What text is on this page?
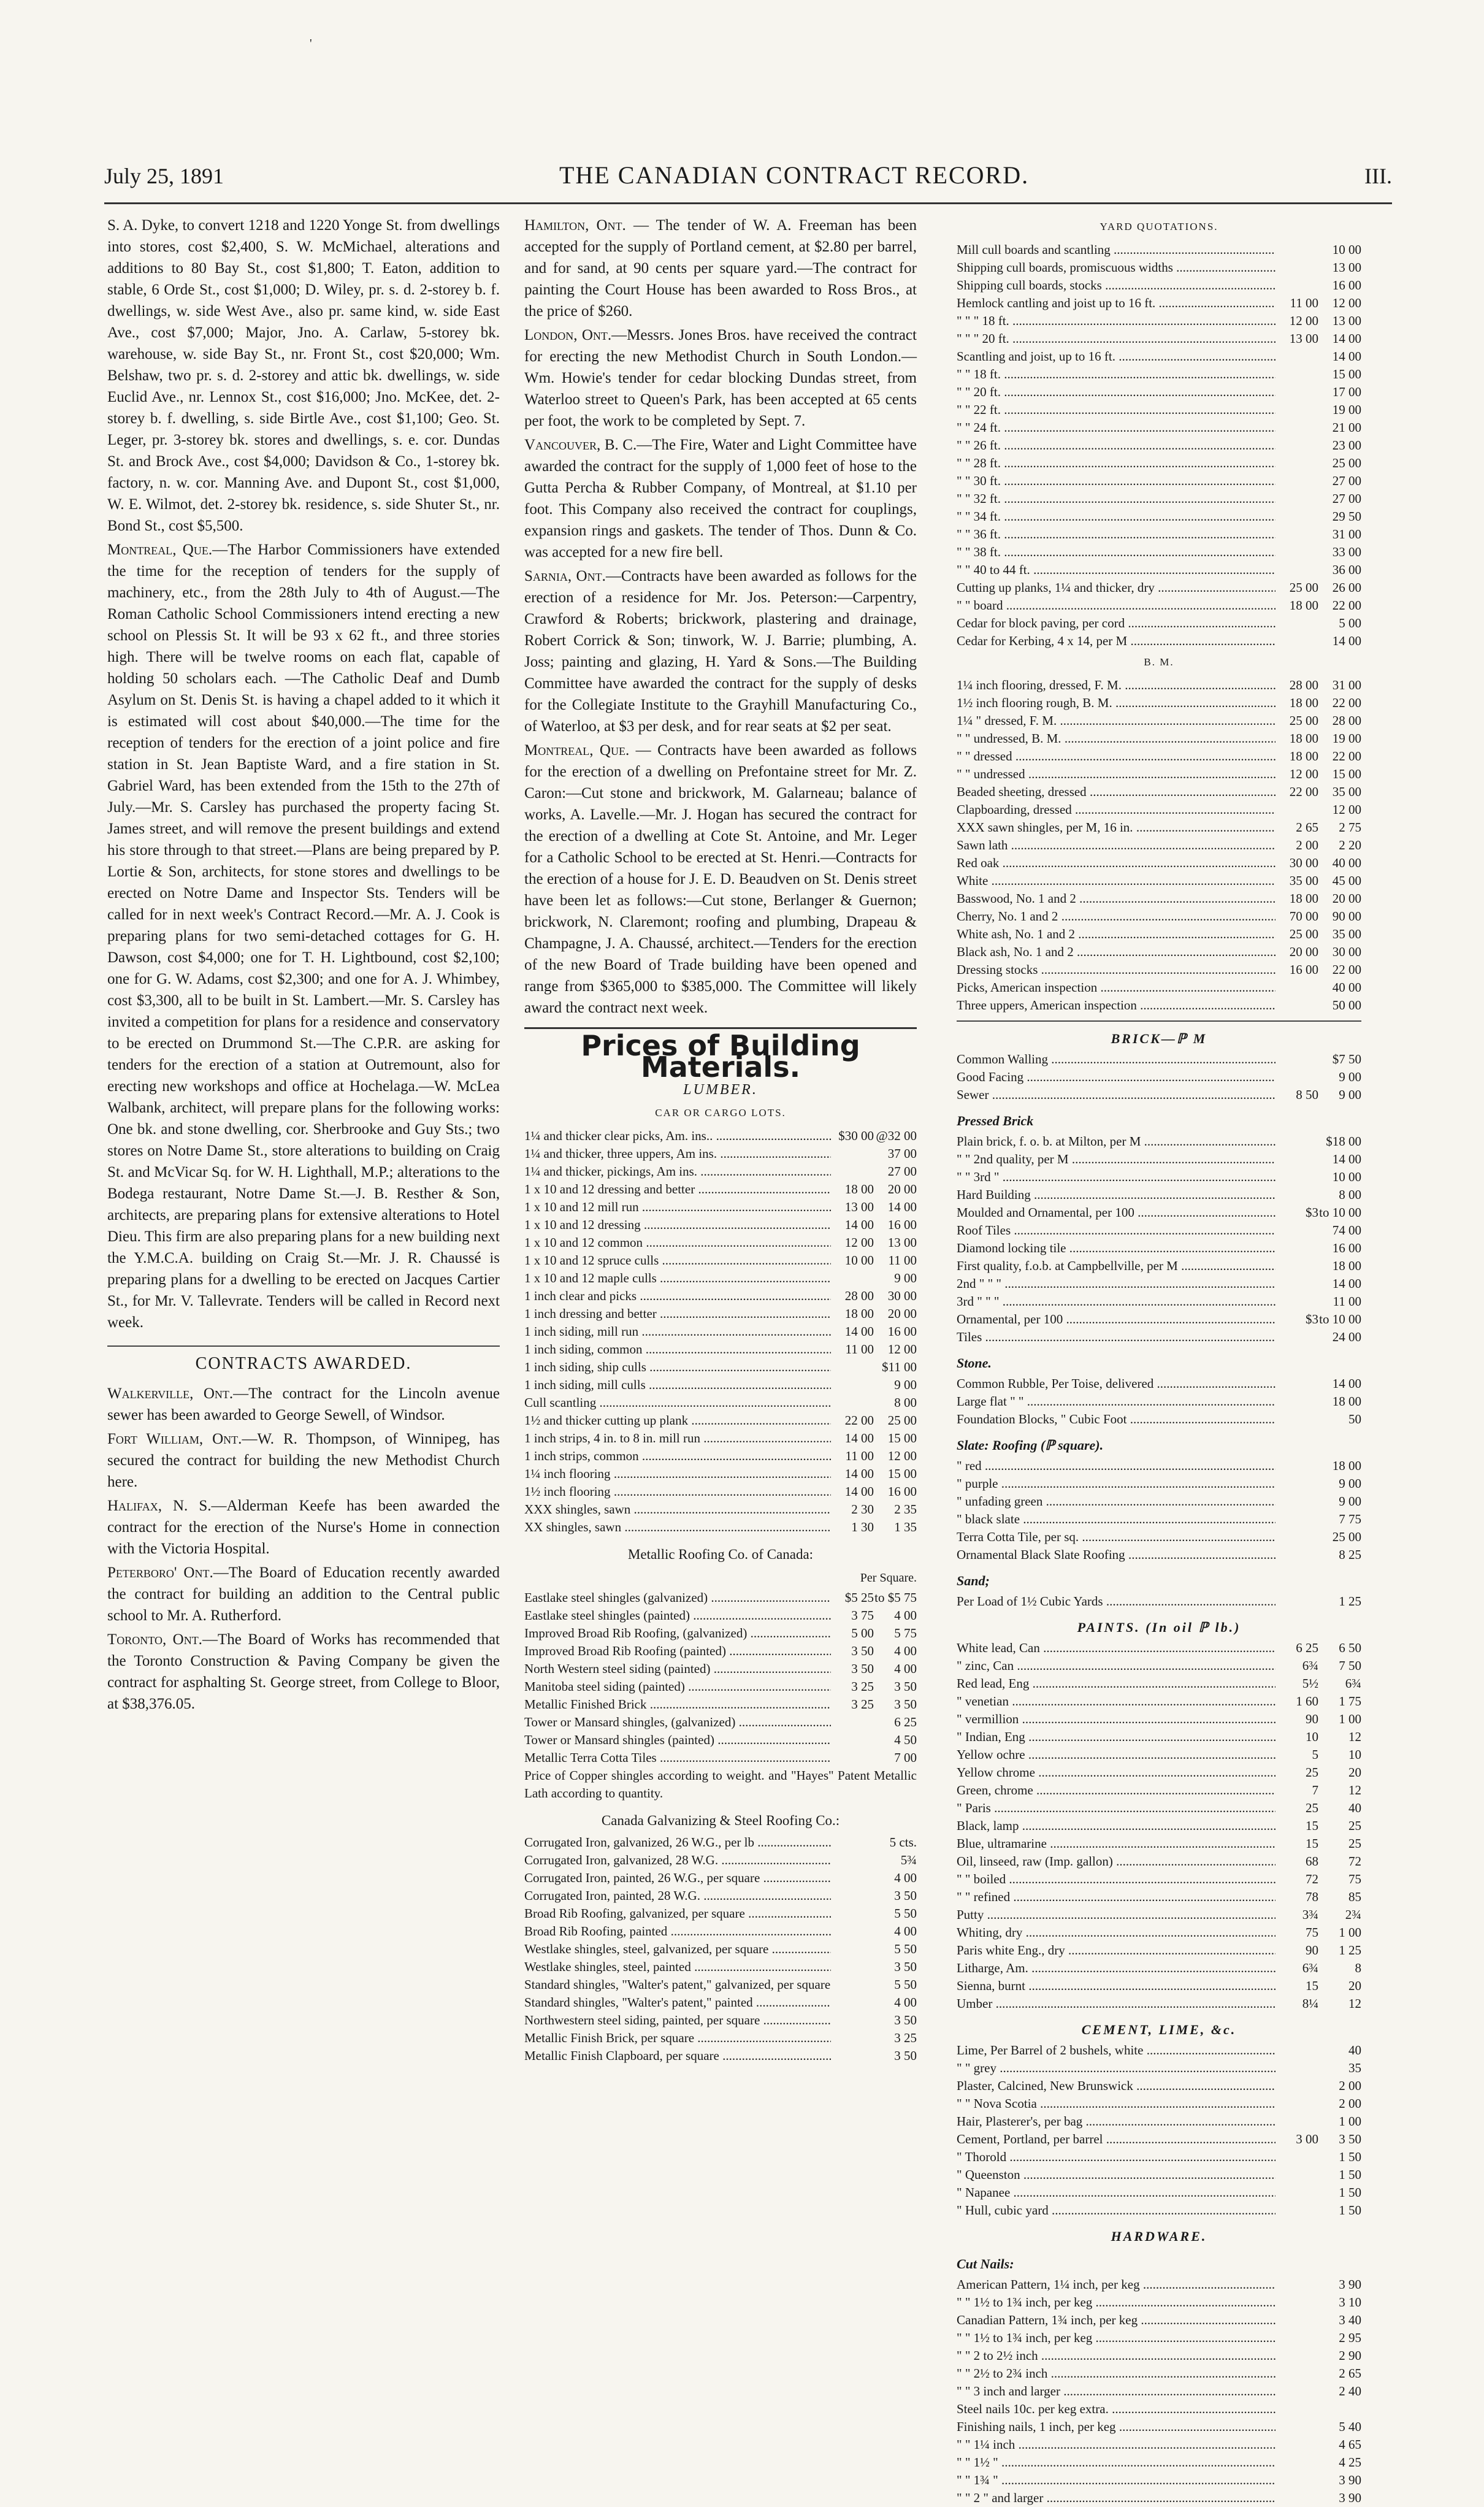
July 25, 1891	THE CANADIAN CONTRACT RECORD.	III.
S. A. Dyke, to convert 1218 and 1220 Yonge St. from dwellings into stores, cost $2,400, S. W. McMichael, alterations and additions to 80 Bay St., cost $1,800; T. Eaton, addition to stable, 6 Orde St., cost $1,000; D. Wiley, pr. s. d. 2-storey b. f. dwellings, w. side West Ave., also pr. same kind, w. side East Ave., cost $7,000; Major, Jno. A. Carlaw, 5-storey bk. warehouse, w. side Bay St., nr. Front St., cost $20,000; Wm. Belshaw, two pr. s. d. 2-storey and attic bk. dwellings, w. side Euclid Ave., nr. Lennox St., cost $16,000; Jno. McKee, det. 2-storey b. f. dwelling, s. side Birtle Ave., cost $1,100; Geo. St. Leger, pr. 3-storey bk. stores and dwellings, s. e. cor. Dundas St. and Brock Ave., cost $4,000; Davidson & Co., 1-storey bk. factory, n. w. cor. Manning Ave. and Dupont St., cost $1,000, W. E. Wilmot, det. 2-storey bk. residence, s. side Shuter St., nr. Bond St., cost $5,500.
Montreal, Que.—The Harbor Commissioners have extended the time for the reception of tenders for the supply of machinery, etc., from the 28th July to 4th of August.—The Roman Catholic School Commissioners intend erecting a new school on Plessis St. It will be 93 x 62 ft., and three stories high. There will be twelve rooms on each flat, capable of holding 50 scholars each. —The Catholic Deaf and Dumb Asylum on St. Denis St. is having a chapel added to it which it is estimated will cost about $40,000.—The time for the reception of tenders for the erection of a joint police and fire station in St. Jean Baptiste Ward, and a fire station in St. Gabriel Ward, has been extended from the 15th to the 27th of July.—Mr. S. Carsley has purchased the property facing St. James street, and will remove the present buildings and extend his store through to that street.—Plans are being prepared by P. Lortie & Son, architects, for stone stores and dwellings to be erected on Notre Dame and Inspector Sts. Tenders will be called for in next week's Contract Record.—Mr. A. J. Cook is preparing plans for two semi-detached cottages for G. H. Dawson, cost $4,000; one for T. H. Lightbound, cost $2,100; one for G. W. Adams, cost $2,300; and one for A. J. Whimbey, cost $3,300, all to be built in St. Lambert.—Mr. S. Carsley has invited a competition for plans for a residence and conservatory to be erected on Drummond St.—The C.P.R. are asking for tenders for the erection of a station at Outremount, also for erecting new workshops and office at Hochelaga.—W. McLea Walbank, architect, will prepare plans for the following works: One bk. and stone dwelling, cor. Sherbrooke and Guy Sts.; two stores on Notre Dame St., store alterations to building on Craig St. and McVicar Sq. for W. H. Lighthall, M.P.; alterations to the Bodega restaurant, Notre Dame St.—J. B. Resther & Son, architects, are preparing plans for extensive alterations to Hotel Dieu. This firm are also preparing plans for a new building next the Y.M.C.A. building on Craig St.—Mr. J. R. Chaussé is preparing plans for a dwelling to be erected on Jacques Cartier St., for Mr. V. Tallevrate. Tenders will be called in Record next week.
CONTRACTS AWARDED.
Walkerville, Ont.—The contract for the Lincoln avenue sewer has been awarded to George Sewell, of Windsor.
Fort William, Ont.—W. R. Thompson, of Winnipeg, has secured the contract for building the new Methodist Church here.
Halifax, N. S.—Alderman Keefe has been awarded the contract for the erection of the Nurse's Home in connection with the Victoria Hospital.
Peterboro' Ont.—The Board of Education recently awarded the contract for building an addition to the Central public school to Mr. A. Rutherford.
Toronto, Ont.—The Board of Works has recommended that the Toronto Construction & Paving Company be given the contract for asphalting St. George street, from College to Bloor, at $38,376.05.
Hamilton, Ont. — The tender of W. A. Freeman has been accepted for the supply of Portland cement, at $2.80 per barrel, and for sand, at 90 cents per square yard.—The contract for painting the Court House has been awarded to Ross Bros., at the price of $260.
London, Ont.—Messrs. Jones Bros. have received the contract for erecting the new Methodist Church in South London.—Wm. Howie's tender for cedar blocking Dundas street, from Waterloo street to Queen's Park, has been accepted at 65 cents per foot, the work to be completed by Sept. 7.
Vancouver, B. C.—The Fire, Water and Light Committee have awarded the contract for the supply of 1,000 feet of hose to the Gutta Percha & Rubber Company, of Montreal, at $1.10 per foot. This Company also received the contract for couplings, expansion rings and gaskets. The tender of Thos. Dunn & Co. was accepted for a new fire bell.
Sarnia, Ont.—Contracts have been awarded as follows for the erection of a residence for Mr. Jos. Peterson:—Carpentry, Crawford & Roberts; brickwork, plastering and drainage, Robert Corrick & Son; tinwork, W. J. Barrie; plumbing, A. Joss; painting and glazing, H. Yard & Sons.—The Building Committee have awarded the contract for the supply of desks for the Collegiate Institute to the Grayhill Manufacturing Co., of Waterloo, at $3 per desk, and for rear seats at $2 per seat.
Montreal, Que. — Contracts have been awarded as follows for the erection of a dwelling on Prefontaine street for Mr. Z. Caron:—Cut stone and brickwork, M. Galarneau; balance of works, A. Lavelle.—Mr. J. Hogan has secured the contract for the erection of a dwelling at Cote St. Antoine, and Mr. Leger for a Catholic School to be erected at St. Henri.—Contracts for the erection of a house for J. E. D. Beaudven on St. Denis street have been let as follows:—Cut stone, Berlanger & Guernon; brickwork, N. Claremont; roofing and plumbing, Drapeau & Champagne, J. A. Chaussé, architect.—Tenders for the erection of the new Board of Trade building have been opened and range from $365,000 to $385,000. The Committee will likely award the contract next week.
Prices of Building Materials.
LUMBER.
CAR OR CARGO LOTS.
1¼ and thicker clear picks, Am. ins.. .....	$30 00 @32 00
1¼ and thicker, three uppers, Am ins. .....	37 00
1¼ and thicker, pickings, Am ins. .....	27 00
1 x 10 and 12 dressing and better .....	18 00	20 00
1 x 10 and 12 mill run .....	13 00	14 00
1 x 10 and 12 dressing .....	14 00	16 00
1 x 10 and 12 common .....	12 00	13 00
1 x 10 and 12 spruce culls .....	10 00	11 00
1 x 10 and 12 maple culls .....	9 00
1 inch clear and picks .....	28 00	30 00
1 inch dressing and better .....	18 00	20 00
1 inch siding, mill run .....	14 00	16 00
1 inch siding, common .....	11 00	12 00
1 inch siding, ship culls .....	$11 00
1 inch siding, mill culls .....	9 00
Cull scantling .....	8 00
1½ and thicker cutting up plank .....	22 00	25 00
1 inch strips, 4 in. to 8 in. mill run .....	14 00	15 00
1 inch strips, common .....	11 00	12 00
1¼ inch flooring .....	14 00	15 00
1½ inch flooring .....	14 00	16 00
XXX shingles, sawn .....	2 30	2 35
XX shingles, sawn .....	1 30	1 35
Metallic Roofing Co. of Canada:
Per Square.
Eastlake steel shingles (galvanized) .....	$5 25 to $5 75
Eastlake steel shingles (painted) .....	3 75	4 00
Improved Broad Rib Roofing, (galvanized) .....	5 00	5 75
Improved Broad Rib Roofing (painted) .....	3 50	4 00
North Western steel siding (painted) .....	3 50	4 00
Manitoba steel siding (painted) .....	3 25	3 50
Metallic Finished Brick .....	3 25	3 50
Tower or Mansard shingles, (galvanized) .....	6 25
Tower or Mansard shingles (painted) .....	4 50
Metallic Terra Cotta Tiles .....	7 00
Price of Copper shingles according to weight. and "Hayes" Patent Metallic Lath according to quantity.
Canada Galvanizing & Steel Roofing Co.:
Corrugated Iron, galvanized, 26 W.G., per lb .....	5 cts.
Corrugated Iron, galvanized, 28 W.G. .....	5¾
Corrugated Iron, painted, 26 W.G., per square .....	4 00
Corrugated Iron, painted, 28 W.G. .....	3 50
Broad Rib Roofing, galvanized, per square .....	5 50
Broad Rib Roofing, painted .....	4 00
Westlake shingles, steel, galvanized, per square .....	5 50
Westlake shingles, steel, painted .....	3 50
Standard shingles, "Walter's patent," galvanized, per square .....	5 50
Standard shingles, "Walter's patent," painted .....	4 00
Northwestern steel siding, painted, per square .....	3 50
Metallic Finish Brick, per square .....	3 25
Metallic Finish Clapboard, per square .....	3 50
YARD QUOTATIONS.
Mill cull boards and scantling .....	10 00
Shipping cull boards, promiscuous widths .....	13 00
Shipping cull boards, stocks .....	16 00
Hemlock cantling and joist up to 16 ft. .....	11 00	12 00
" " " 18 ft. .....	12 00	13 00
" " " 20 ft. .....	13 00	14 00
Scantling and joist, up to 16 ft. .....	14 00
" " 18 ft. .....	15 00
" " 20 ft. .....	17 00
" " 22 ft. .....	19 00
" " 24 ft. .....	21 00
" " 26 ft. .....	23 00
" " 28 ft. .....	25 00
" " 30 ft. .....	27 00
" " 32 ft. .....	27 00
" " 34 ft. .....	29 50
" " 36 ft. .....	31 00
" " 38 ft. .....	33 00
" " 40 to 44 ft. .....	36 00
Cutting up planks, 1¼ and thicker, dry .....	25 00	26 00
" " board .....	18 00	22 00
Cedar for block paving, per cord .....	5 00
Cedar for Kerbing, 4 x 14, per M .....	14 00
B. M.
1¼ inch flooring, dressed, F. M. .....	28 00	31 00
1½ inch flooring rough, B. M. .....	18 00	22 00
1¼ " dressed, F. M. .....	25 00	28 00
" " undressed, B. M. .....	18 00	19 00
" " dressed .....	18 00	22 00
" " undressed .....	12 00	15 00
Beaded sheeting, dressed .....	22 00	35 00
Clapboarding, dressed .....	12 00
XXX sawn shingles, per M, 16 in. .....	2 65	2 75
Sawn lath .....	2 00	2 20
Red oak .....	30 00	40 00
White .....	35 00	45 00
Basswood, No. 1 and 2 .....	18 00	20 00
Cherry, No. 1 and 2 .....	70 00	90 00
White ash, No. 1 and 2 .....	25 00	35 00
Black ash, No. 1 and 2 .....	20 00	30 00
Dressing stocks .....	16 00	22 00
Picks, American inspection .....	40 00
Three uppers, American inspection .....	50 00
BRICK—ℙ M
Common Walling .....	$7 50
Good Facing .....	9 00
Sewer .....	8 50	9 00
Pressed Brick
Plain brick, f. o. b. at Milton, per M .....	$18 00
" " 2nd quality, per M .....	14 00
" " 3rd " .....	10 00
Hard Building .....	8 00
Moulded and Ornamental, per 100 .....	$3 to 10 00
Roof Tiles .....	74 00
Diamond locking tile .....	16 00
First quality, f.o.b. at Campbellville, per M .....	18 00
2nd " " " .....	14 00
3rd " " " .....	11 00
Ornamental, per 100 .....	$3 to 10 00
Tiles .....	24 00
Stone.
Common Rubble, Per Toise, delivered .....	14 00
Large flat " " .....	18 00
Foundation Blocks, " Cubic Foot .....	50
Slate: Roofing (ℙ square).
" red .....	18 00
" purple .....	9 00
" unfading green .....	9 00
" black slate .....	7 75
Terra Cotta Tile, per sq. .....	25 00
Ornamental Black Slate Roofing .....	8 25
Sand;
Per Load of 1½ Cubic Yards .....	1 25
PAINTS. (In oil ℙ lb.)
White lead, Can .....	6 25	6 50
" zinc, Can .....	6¾	7 50
Red lead, Eng .....	5½	6¾
" venetian .....	1 60	1 75
" vermillion .....	90	1 00
" Indian, Eng .....	10	12
Yellow ochre .....	5	10
Yellow chrome .....	25	20
Green, chrome .....	7	12
" Paris .....	25	40
Black, lamp .....	15	25
Blue, ultramarine .....	15	25
Oil, linseed, raw (Imp. gallon) .....	68	72
" " boiled .....	72	75
" " refined .....	78	85
Putty .....	3¾	2¾
Whiting, dry .....	75	1 00
Paris white Eng., dry .....	90	1 25
Litharge, Am. .....	6¾	8
Sienna, burnt .....	15	20
Umber .....	8¼	12
CEMENT, LIME, &c.
Lime, Per Barrel of 2 bushels, white .....	40
" " grey .....	35
Plaster, Calcined, New Brunswick .....	2 00
" " Nova Scotia .....	2 00
Hair, Plasterer's, per bag .....	1 00
Cement, Portland, per barrel .....	3 00	3 50
" Thorold .....	1 50
" Queenston .....	1 50
" Napanee .....	1 50
" Hull, cubic yard .....	1 50
HARDWARE.
Cut Nails:
American Pattern, 1¼ inch, per keg .....	3 90
" " 1½ to 1¾ inch, per keg .....	3 10
Canadian Pattern, 1¾ inch, per keg .....	3 40
" " 1½ to 1¾ inch, per keg .....	2 95
" " 2 to 2½ inch .....	2 90
" " 2½ to 2¾ inch .....	2 65
" " 3 inch and larger .....	2 40
Steel nails 10c. per keg extra. .....
Finishing nails, 1 inch, per keg .....	5 40
" " 1¼ inch .....	4 65
" " 1½ " .....	4 25
" " 1¾ " .....	3 90
" " 2 " and larger .....	3 90
'
